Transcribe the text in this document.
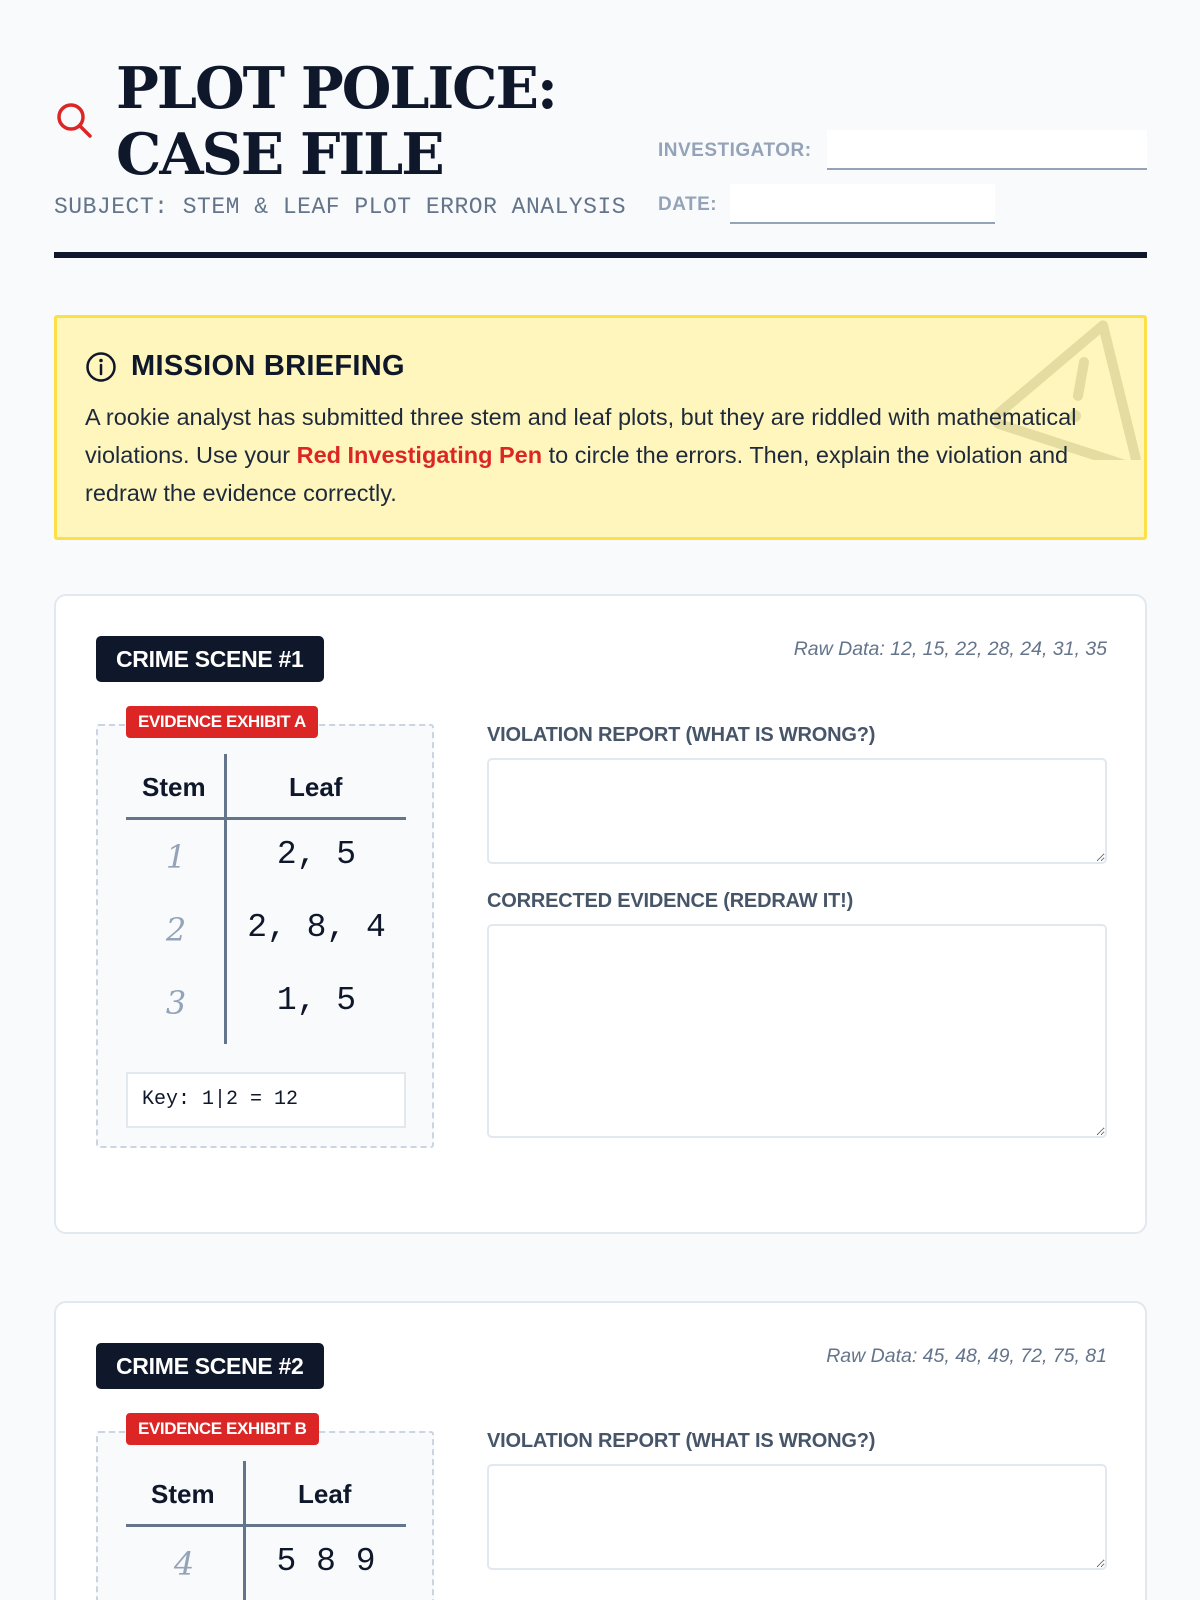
PLOT POLICE:
CASE FILE
SUBJECT: STEM & LEAF PLOT ERROR ANALYSIS
INVESTIGATOR:
DATE:
MISSION BRIEFING
A rookie analyst has submitted three stem and leaf plots, but they are riddled with mathematical violations. Use your Red Investigating Pen to circle the errors. Then, explain the violation and redraw the evidence correctly.
CRIME SCENE #1	Raw Data: 12, 15, 22, 28, 24, 31, 35
EVIDENCE EXHIBIT A
Stem	Leaf
1	2, 5
2	2, 8, 4
3	1, 5
Key: 1|2 = 12
VIOLATION REPORT (WHAT IS WRONG?)
CORRECTED EVIDENCE (REDRAW IT!)
CRIME SCENE #2	Raw Data: 45, 48, 49, 72, 75, 81
EVIDENCE EXHIBIT B
Stem	Leaf
4	5 8 9
VIOLATION REPORT (WHAT IS WRONG?)
